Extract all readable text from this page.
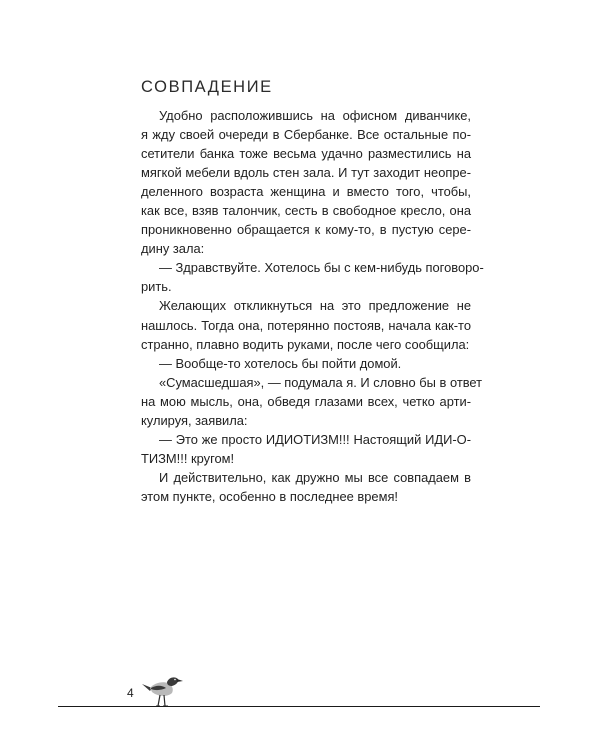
СОВПАДЕНИЕ
Удобно расположившись на офисном диванчике,
я жду своей очереди в Сбербанке. Все остальные по-
сетители банка тоже весьма удачно разместились на
мягкой мебели вдоль стен зала. И тут заходит неопре-
деленного возраста женщина и вместо того, чтобы,
как все, взяв талончик, сесть в свободное кресло, она
проникновенно обращается к кому-то, в пустую сере-
дину зала:
— Здравствуйте. Хотелось бы с кем-нибудь поговоро-
рить.
Желающих откликнуться на это предложение не
нашлось. Тогда она, потерянно постояв, начала как-то
странно, плавно водить руками, после чего сообщила:
— Вообще-то хотелось бы пойти домой.
«Сумасшедшая», — подумала я. И словно бы в ответ
на мою мысль, она, обведя глазами всех, четко арти-
кулируя, заявила:
— Это же просто ИДИОТИЗМ!!! Настоящий ИДИ-О-
ТИЗМ!!! кругом!
И действительно, как дружно мы все совпадаем в
этом пункте, особенно в последнее время!
4
